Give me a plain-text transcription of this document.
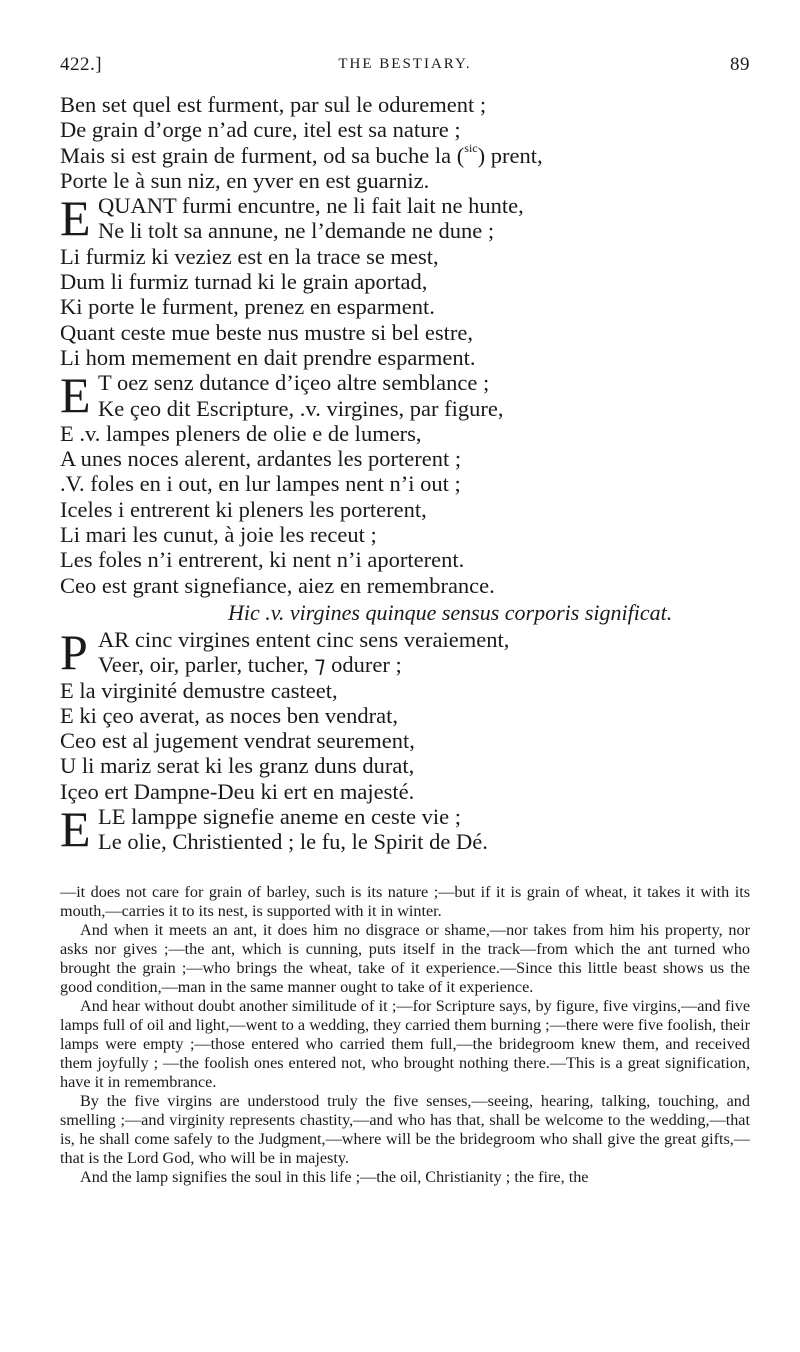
422.]	THE BESTIARY.	89
Ben set quel est furment, par sul le odurement ;
De grain d’orge n’ad cure, itel est sa nature ;
Mais si est grain de furment, od sa buche la ($^{sic}$) prent,
Porte le à sun niz, en yver en est guarniz.
E QUANT furmi encuntre, ne li fait lait ne hunte,
Ne li tolt sa annune, ne l’demande ne dune ;
Li furmiz ki veziez est en la trace se mest,
Dum li furmiz turnad ki le grain aportad,
Ki porte le furment, prenez en esparment.
Quant ceste mue beste nus mustre si bel estre,
Li hom memement en dait prendre esparment.
E T oez senz dutance d’içeo altre semblance ;
Ke çeo dit Escripture, .v. virgines, par figure,
E .v. lampes pleners de olie e de lumers,
A unes noces alerent, ardantes les porterent ;
.V. foles en i out, en lur lampes nent n’i out ;
Iceles i entrerent ki pleners les porterent,
Li mari les cunut, à joie les receut ;
Les foles n’i entrerent, ki nent n’i aporterent.
Ceo est grant signefiance, aiez en remembrance.
Hic .v. virgines quinque sensus corporis significat.
P AR cinc virgines entent cinc sens veraiement,
Veer, oir, parler, tucher, ⁊ odurer ;
E la virginité demustre casteet,
E ki çeo averat, as noces ben vendrat,
Ceo est al jugement vendrat seurement,
U li mariz serat ki les granz duns durat,
Içeo ert Dampne-Deu ki ert en majesté.
E LE lamppe signefie aneme en ceste vie ;
Le olie, Christiented ; le fu, le Spirit de Dé.

—it does not care for grain of barley, such is its nature ;—but if it is grain of wheat, it takes it with its mouth,—carries it to its nest, is supported with it in winter.

And when it meets an ant, it does him no disgrace or shame,—nor takes from him his property, nor asks nor gives ;—the ant, which is cunning, puts itself in the track—from which the ant turned who brought the grain ;—who brings the wheat, take of it experience.—Since this little beast shows us the good condition,—man in the same manner ought to take of it experience.

And hear without doubt another similitude of it ;—for Scripture says, by figure, five virgins,—and five lamps full of oil and light,—went to a wedding, they carried them burning ;—there were five foolish, their lamps were empty ;—those entered who carried them full,—the bridegroom knew them, and received them joyfully ; —the foolish ones entered not, who brought nothing there.—This is a great signification, have it in remembrance.

By the five virgins are understood truly the five senses,—seeing, hearing, talking, touching, and smelling ;—and virginity represents chastity,—and who has that, shall be welcome to the wedding,—that is, he shall come safely to the Judgment,—where will be the bridegroom who shall give the great gifts,—that is the Lord God, who will be in majesty.

And the lamp signifies the soul in this life ;—the oil, Christianity ; the fire, the
